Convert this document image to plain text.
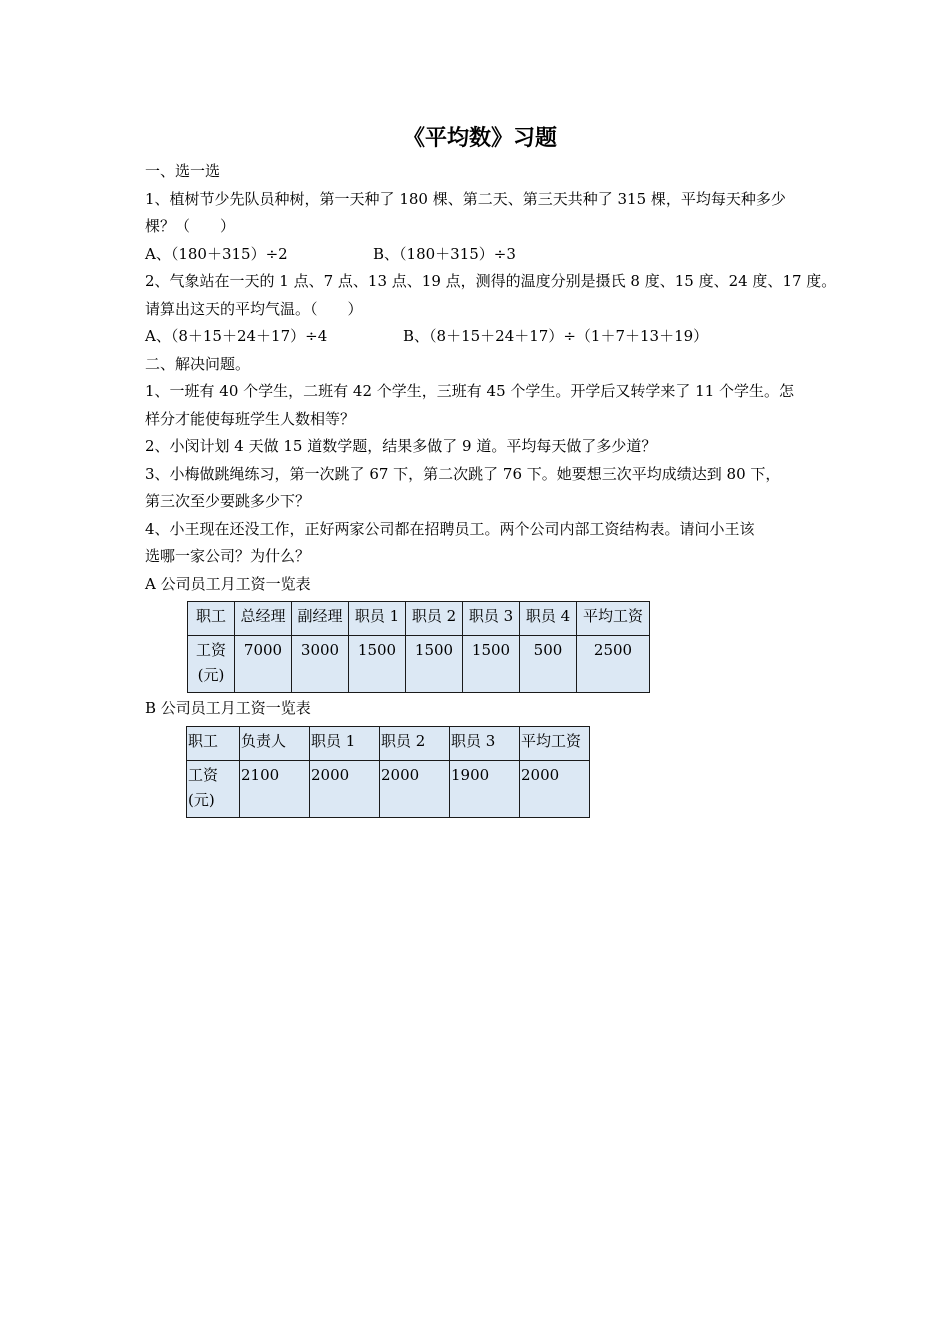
《平均数》习题

一、选一选

1、植树节少先队员种树，第一天种了 180 棵、第二天、第三天共种了 315 棵，平均每天种多少

棵？（　　）

A、（180＋315）÷2	B、（180＋315）÷3

2、气象站在一天的 1 点、7 点、13 点、19 点，测得的温度分别是摄氏 8 度、15 度、24 度、17 度。

请算出这天的平均气温。（　　）

A、（8＋15＋24＋17）÷4	B、（8＋15＋24＋17）÷（1＋7＋13＋19）

二、解决问题。

1、一班有 40 个学生，二班有 42 个学生，三班有 45 个学生。开学后又转学来了 11 个学生。怎

样分才能使每班学生人数相等？

2、小闵计划 4 天做 15 道数学题，结果多做了 9 道。平均每天做了多少道？

3、小梅做跳绳练习，第一次跳了 67 下，第二次跳了 76 下。她要想三次平均成绩达到 80 下，

第三次至少要跳多少下？

4、小王现在还没工作，正好两家公司都在招聘员工。两个公司内部工资结构表。请问小王该

选哪一家公司？为什么？

A 公司员工月工资一览表

职工	总经理	副经理	职员 1	职员 2	职员 3	职员 4	平均工资
工资(元)	7000	3000	1500	1500	1500	500	2500

B 公司员工月工资一览表

职工	负责人	职员 1	职员 2	职员 3	平均工资
工资(元)	2100	2000	2000	1900	2000
